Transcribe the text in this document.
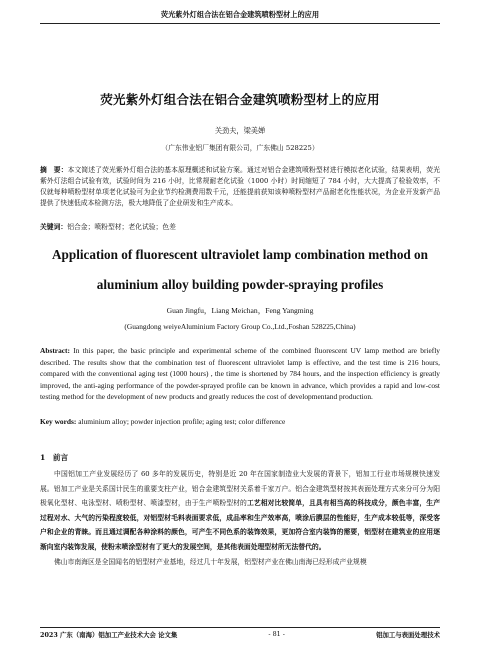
荧光紫外灯组合法在铝合金建筑喷粉型材上的应用
荧光紫外灯组合法在铝合金建筑喷粉型材上的应用
关劲夫，梁美婵
（广东伟业铝厂集团有限公司，广东佛山 528225）
摘　要：本文简述了荧光紫外灯组合法的基本原理概述和试验方案。通过对铝合金建筑喷粉型材进行模拟老化试验，结果表明，荧光紫外灯法组合试验有效，试验时间为 216 小时，比常规耐老化试验（1000 小时）时间缩短了 784 小时，大大提高了检验效率，不仅就每种喷粉型材单项老化试验可为企业节约检测费用数千元，还能提前获知该种喷粉型材产品耐老化性能状况，为企业开发新产品提供了快速低成本检测方法，极大地降低了企业研发和生产成本。
关键词：铝合金；喷粉型材；老化试验；色差
Application of fluorescent ultraviolet lamp combination method on aluminium alloy building powder-spraying profiles
Guan Jingfu，Liang Meichan，Feng Yangming
(Guangdong weiyeAluminium Factory Group Co.,Ltd.,Foshan 528225,China)
Abstract: In this paper, the basic principle and experimental scheme of the combined fluorescent UV lamp method are briefly described. The results show that the combination test of fluorescent ultraviolet lamp is effective, and the test time is 216 hours, compared with the conventional aging test (1000 hours) , the time is shortened by 784 hours, and the inspection efficiency is greatly improved, the anti-aging performance of the powder-sprayed profile can be known in advance, which provides a rapid and low-cost testing method for the development of new products and greatly reduces the cost of developmentand production.
Key words: aluminium alloy; powder injection profile; aging test; color difference
1　前言

中国铝加工产业发展经历了 60 多年的发展历史，特别是近 20 年在国家制造业大发展的背景下，铝加工行业市场规模快速发展。铝加工产业是关系国计民生的重要支柱产业，铝合金建筑型材关系着千家万户。铝合金建筑型材按其表面处理方式来分可分为阳极氧化型材、电泳型材、喷粉型材、喷漆型材，由于生产喷粉型材的工艺相对比较简单，且具有相当高的科技成分，颜色丰富，生产过程对水、大气的污染程度较低，对铝型材毛料表面要求低，成品率和生产效率高，喷涂后膜层的性能好，生产成本较低等，深受客户和企业的青睐。而且通过调配各种涂料的颜色，可产生不同色系的装饰效果，更加符合室内装饰的需要，铝型材在建筑业的应用逐渐向室内装饰发展，使粉末喷涂型材有了更大的发展空间，是其他表面处理型材所无法替代的。

佛山市南海区是全国闻名的铝型材产业基地，经过几十年发展，铝型材产业在佛山南海已经形成产业规模

2023 广东（南海）铝加工产业技术大会 论文集	- 81 -	铝加工与表面处理技术
